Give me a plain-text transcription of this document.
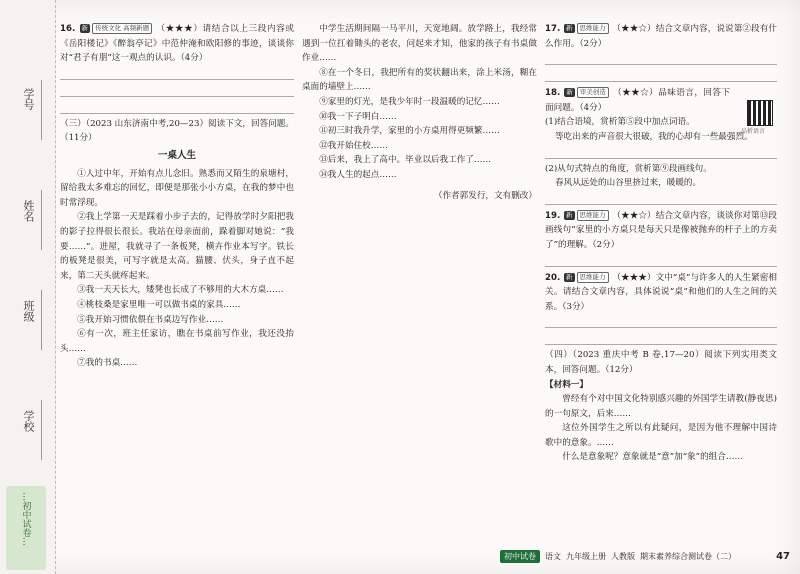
学号
姓名
班级
学校
…初中试卷…

16. 新 传统文化 高频新题 （★★★）请结合以上三段内容或《岳阳楼记》《醉翁亭记》中范仲淹和欧阳修的事迹，谈谈你对“君子有朋”这一观点的认识。（4分）

（三）（2023 山东济南中考,20—23）阅读下文，回答问题。（11分）

一桌人生

①人过中年，开始有点儿念旧。熟悉而又陌生的泉塘村，留给我太多难忘的回忆，即便是那张小小方桌，在我的梦中也时常浮现。

②我上学第一天是踩着小步子去的，记得放学时夕阳把我的影子拉得很长很长。我站在母亲面前，跺着脚对她说：“我要……”。进屋，我就寻了一条板凳，横卉作业本写字。铁长的板凳是很美，可写字就是太高。猫腰、伏头，身子直不起来，第二天头就疼起来。

③我一天天长大，矮凳也长成了不够用的大木方桌……

④桃枝桑是家里唯一可以做书桌的家具……

⑤我开始习惯依偎在书桌边写作业……

⑥有一次，班主任家访，瞧在书桌前写作业，我还没抬头……

⑦我的书桌……

中学生活期间隔一马平川，天宽地阔。放学路上，我经常遇到一位扛着锄头的老农，问起来才知，他家的孩子有书桌做作业……

⑧在一个冬日，我把所有的奖状翻出来，涂上米汤，糊在桌面的墙壁上……

⑨家里的灯光，是我少年时一段温暖的记忆……

⑩我一下子明白……

⑪初三时我升学，家里的小方桌用得更频繁……

⑫我开始住校……

⑬后来，我上了高中。毕业以后我工作了……

⑭我人生的起点……

（作者郭发行，文有删改）

17. 新 思维能力 （★★☆）结合文章内容，说说第②段有什么作用。（2分）

18. 新 审美创造 （★★☆）品味语言，回答下面问题。（4分）

(1)结合语境，赏析第⑤段中加点词语。

等吃出来的声音很大很破，我的心却有一些最强烈。

(2)从句式特点的角度，赏析第⑨段画线句。

春风从远处的山谷里挤过来，暖暖的。

19. 新 思维能力 （★★☆）结合文章内容，谈谈你对第⑬段画线句“家里的小方桌只是每天只是像被抛弃的杆子上的方卖了”的理解。（2分）

20. 新 思维能力 （★★★）文中“桌”与许多人的人生紧密相关。请结合文章内容，具体说说“桌”和他们的人生之间的关系。（3分）

（四）（2023 重庆中考 B 卷,17—20）阅读下列实用类文本，回答问题。（12分）

【材料一】

曾经有个对中国文化特别感兴趣的外国学生请教(静夜思)的一句原文，后来……

这位外国学生之所以有此疑问，是因为他不理解中国诗歌中的意象。……

什么是意象呢？意象就是“意”加“象”的组合……

品析语言
初中试卷	语文 九年级上册 人教版 期末素养综合测试卷（二）	47
